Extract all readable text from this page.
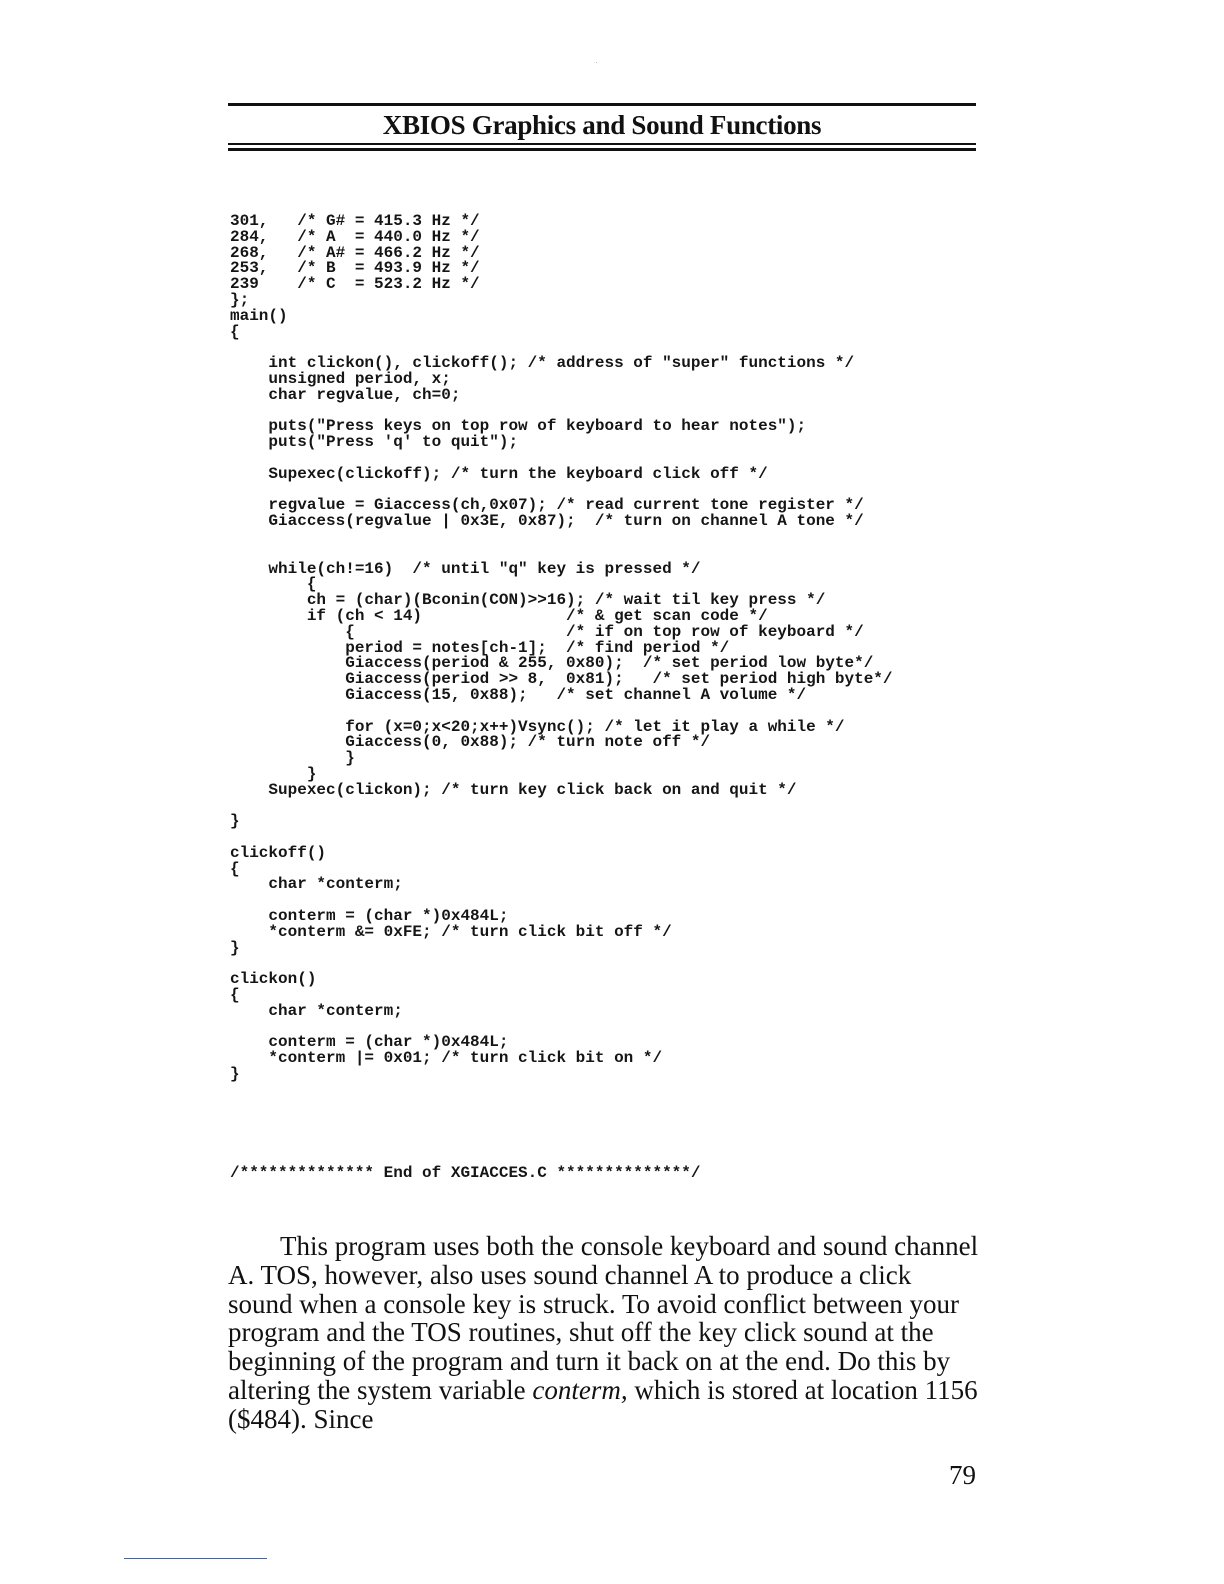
XBIOS Graphics and Sound Functions
301,   /* G# = 415.3 Hz */
284,   /* A  = 440.0 Hz */
268,   /* A# = 466.2 Hz */
253,   /* B  = 493.9 Hz */
239    /* C  = 523.2 Hz */
};
main()
{

int clickon(), clickoff(); /* address of "super" functions */
unsigned period, x;
char regvalue, ch=0;

puts("Press keys on top row of keyboard to hear notes");
puts("Press 'q' to quit");

Supexec(clickoff); /* turn the keyboard click off */

regvalue = Giaccess(ch,0x07); /* read current tone register */
Giaccess(regvalue | 0x3E, 0x87);  /* turn on channel A tone */

while(ch!=16)  /* until "q" key is pressed */
{
ch = (char)(Bconin(CON)>>16); /* wait til key press */
if (ch < 14)               /* & get scan code */
{                      /* if on top row of keyboard */
period = notes[ch-1];  /* find period */
Giaccess(period & 255, 0x80);  /* set period low byte*/
Giaccess(period >> 8,  0x81);   /* set period high byte*/
Giaccess(15, 0x88);   /* set channel A volume */

for (x=0;x<20;x++)Vsync(); /* let it play a while */
Giaccess(0, 0x88); /* turn note off */
}
}
Supexec(clickon); /* turn key click back on and quit */

}

clickoff()
{
char *conterm;

conterm = (char *)0x484L;
*conterm &= 0xFE; /* turn click bit off */
}

clickon()
{
char *conterm;

conterm = (char *)0x484L;
*conterm |= 0x01; /* turn click bit on */
}
/************** End of XGIACCES.C **************/

This program uses both the console keyboard and sound channel A. TOS, however, also uses sound channel A to produce a click sound when a console key is struck. To avoid conflict between your program and the TOS routines, shut off the key click sound at the beginning of the program and turn it back on at the end. Do this by altering the system variable conterm, which is stored at location 1156 ($484). Since

79
